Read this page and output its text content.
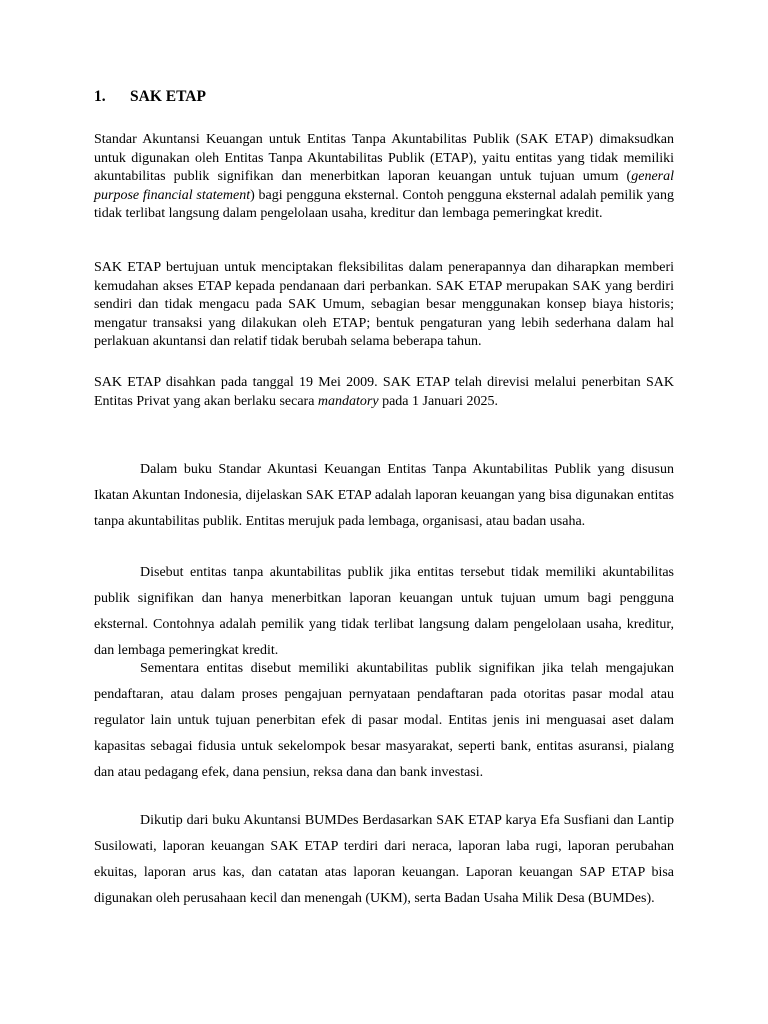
1. SAK ETAP

Standar Akuntansi Keuangan untuk Entitas Tanpa Akuntabilitas Publik (SAK ETAP) dimaksudkan untuk digunakan oleh Entitas Tanpa Akuntabilitas Publik (ETAP), yaitu entitas yang tidak memiliki akuntabilitas publik signifikan dan menerbitkan laporan keuangan untuk tujuan umum (general purpose financial statement) bagi pengguna eksternal. Contoh pengguna eksternal adalah pemilik yang tidak terlibat langsung dalam pengelolaan usaha, kreditur dan lembaga pemeringkat kredit.

SAK ETAP bertujuan untuk menciptakan fleksibilitas dalam penerapannya dan diharapkan memberi kemudahan akses ETAP kepada pendanaan dari perbankan. SAK ETAP merupakan SAK yang berdiri sendiri dan tidak mengacu pada SAK Umum, sebagian besar menggunakan konsep biaya historis; mengatur transaksi yang dilakukan oleh ETAP; bentuk pengaturan yang lebih sederhana dalam hal perlakuan akuntansi dan relatif tidak berubah selama beberapa tahun.

SAK ETAP disahkan pada tanggal 19 Mei 2009. SAK ETAP telah direvisi melalui penerbitan SAK Entitas Privat yang akan berlaku secara mandatory pada 1 Januari 2025.

Dalam buku Standar Akuntasi Keuangan Entitas Tanpa Akuntabilitas Publik yang disusun Ikatan Akuntan Indonesia, dijelaskan SAK ETAP adalah laporan keuangan yang bisa digunakan entitas tanpa akuntabilitas publik. Entitas merujuk pada lembaga, organisasi, atau badan usaha.

Disebut entitas tanpa akuntabilitas publik jika entitas tersebut tidak memiliki akuntabilitas publik signifikan dan hanya menerbitkan laporan keuangan untuk tujuan umum bagi pengguna eksternal. Contohnya adalah pemilik yang tidak terlibat langsung dalam pengelolaan usaha, kreditur, dan lembaga pemeringkat kredit.

Sementara entitas disebut memiliki akuntabilitas publik signifikan jika telah mengajukan pendaftaran, atau dalam proses pengajuan pernyataan pendaftaran pada otoritas pasar modal atau regulator lain untuk tujuan penerbitan efek di pasar modal. Entitas jenis ini menguasai aset dalam kapasitas sebagai fidusia untuk sekelompok besar masyarakat, seperti bank, entitas asuransi, pialang dan atau pedagang efek, dana pensiun, reksa dana dan bank investasi.

Dikutip dari buku Akuntansi BUMDes Berdasarkan SAK ETAP karya Efa Susfiani dan Lantip Susilowati, laporan keuangan SAK ETAP terdiri dari neraca, laporan laba rugi, laporan perubahan ekuitas, laporan arus kas, dan catatan atas laporan keuangan. Laporan keuangan SAP ETAP bisa digunakan oleh perusahaan kecil dan menengah (UKM), serta Badan Usaha Milik Desa (BUMDes).
